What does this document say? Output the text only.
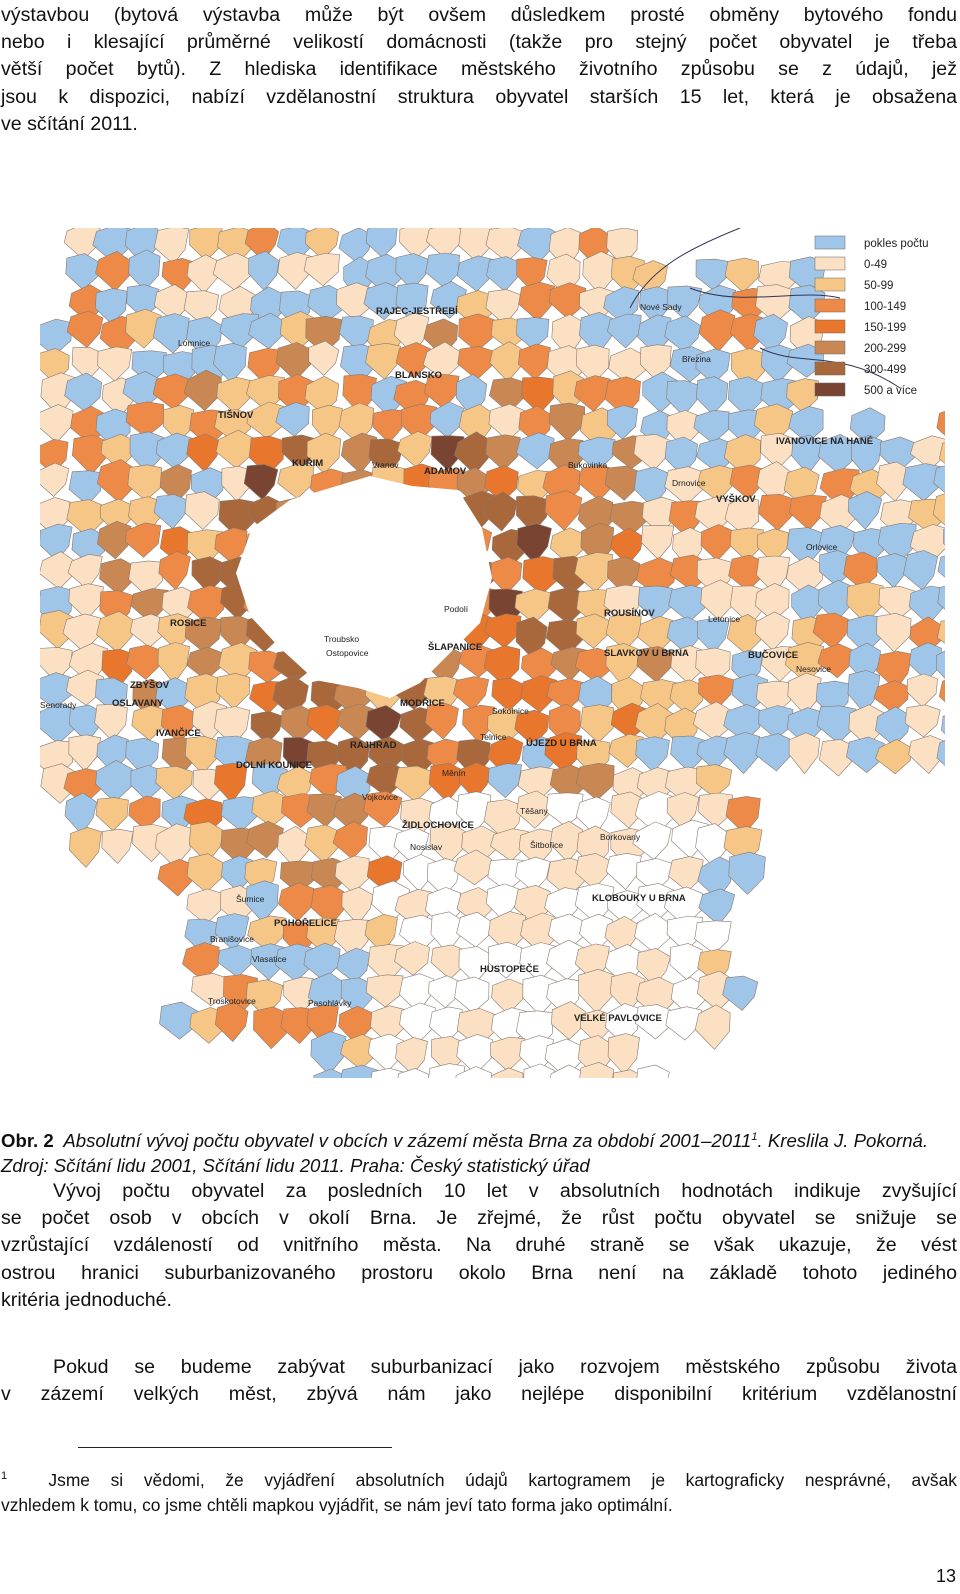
výstavbou (bytová výstavba může být ovšem důsledkem prosté obměny bytového fondu
nebo i klesající průměrné velikostí domácnosti (takže pro stejný počet obyvatel je třeba
větší počet bytů). Z hlediska identifikace městského životního způsobu se z údajů, jež
jsou k dispozici, nabízí vzdělanostní struktura obyvatel starších 15 let, která je obsažena
ve sčítání 2011.
BLANSKO
TIŠNOV
KUŘIM
RAJEC-JESTŘEBÍ
VYŠKOV
IVANOVICE NA HANÉ
ROSICE
ZBÝŠOV
OSLAVANY
IVANČICE
DOLNÍ KOUNICE
ŠLAPANICE
MODŘICE
RAJHRAD
ŽIDLOCHOVICE
POHOŘELICE
HUSTOPEČE
VELKÉ PAVLOVICE
KLOBOUKY U BRNA
BUČOVICE
ROUSÍNOV
SLAVKOV U BRNA
ÚJEZD U BRNA
ADAMOV
Březina
Nové Sady
Vlasatice
Troskotovice	Pasohlávky
Ostopovice
Troubsko
Podolí
Měnín
Sokolnice
Telnice
Těšany
Borkovany
Nesovice
Orlovice
Letonice
Drnovice
Lomnice
Vranov
Senorady
Bukovinka
Šitbořice
Branišovice
Šumice
Nosislav
Vojkovice
pokles počtu
0-49
50-99
100-149
150-199
200-299
300-499
500 a více

Obr. 2 Absolutní vývoj počtu obyvatel v obcích v zázemí města Brna za období 2001–2011$^1$. Kreslila J. Pokorná. Zdroj: Sčítání lidu 2001, Sčítání lidu 2011. Praha: Český statistický úřad

Vývoj počtu obyvatel za posledních 10 let v absolutních hodnotách indikuje zvyšující
se počet osob v obcích v okolí Brna. Je zřejmé, že růst počtu obyvatel se snižuje se
vzrůstající vzdáleností od vnitřního města. Na druhé straně se však ukazuje, že vést
ostrou hranici suburbanizovaného prostoru okolo Brna není na základě tohoto jediného
kritéria jednoduché.
Pokud se budeme zabývat suburbanizací jako rozvojem městského způsobu života
v zázemí velkých měst, zbývá nám jako nejlépe disponibilní kritérium vzdělanostní
$^1$ Jsme si vědomi, že vyjádření absolutních údajů kartogramem je kartograficky nesprávné, avšak
vzhledem k tomu, co jsme chtěli mapkou vyjádřit, se nám jeví tato forma jako optimální.
13
